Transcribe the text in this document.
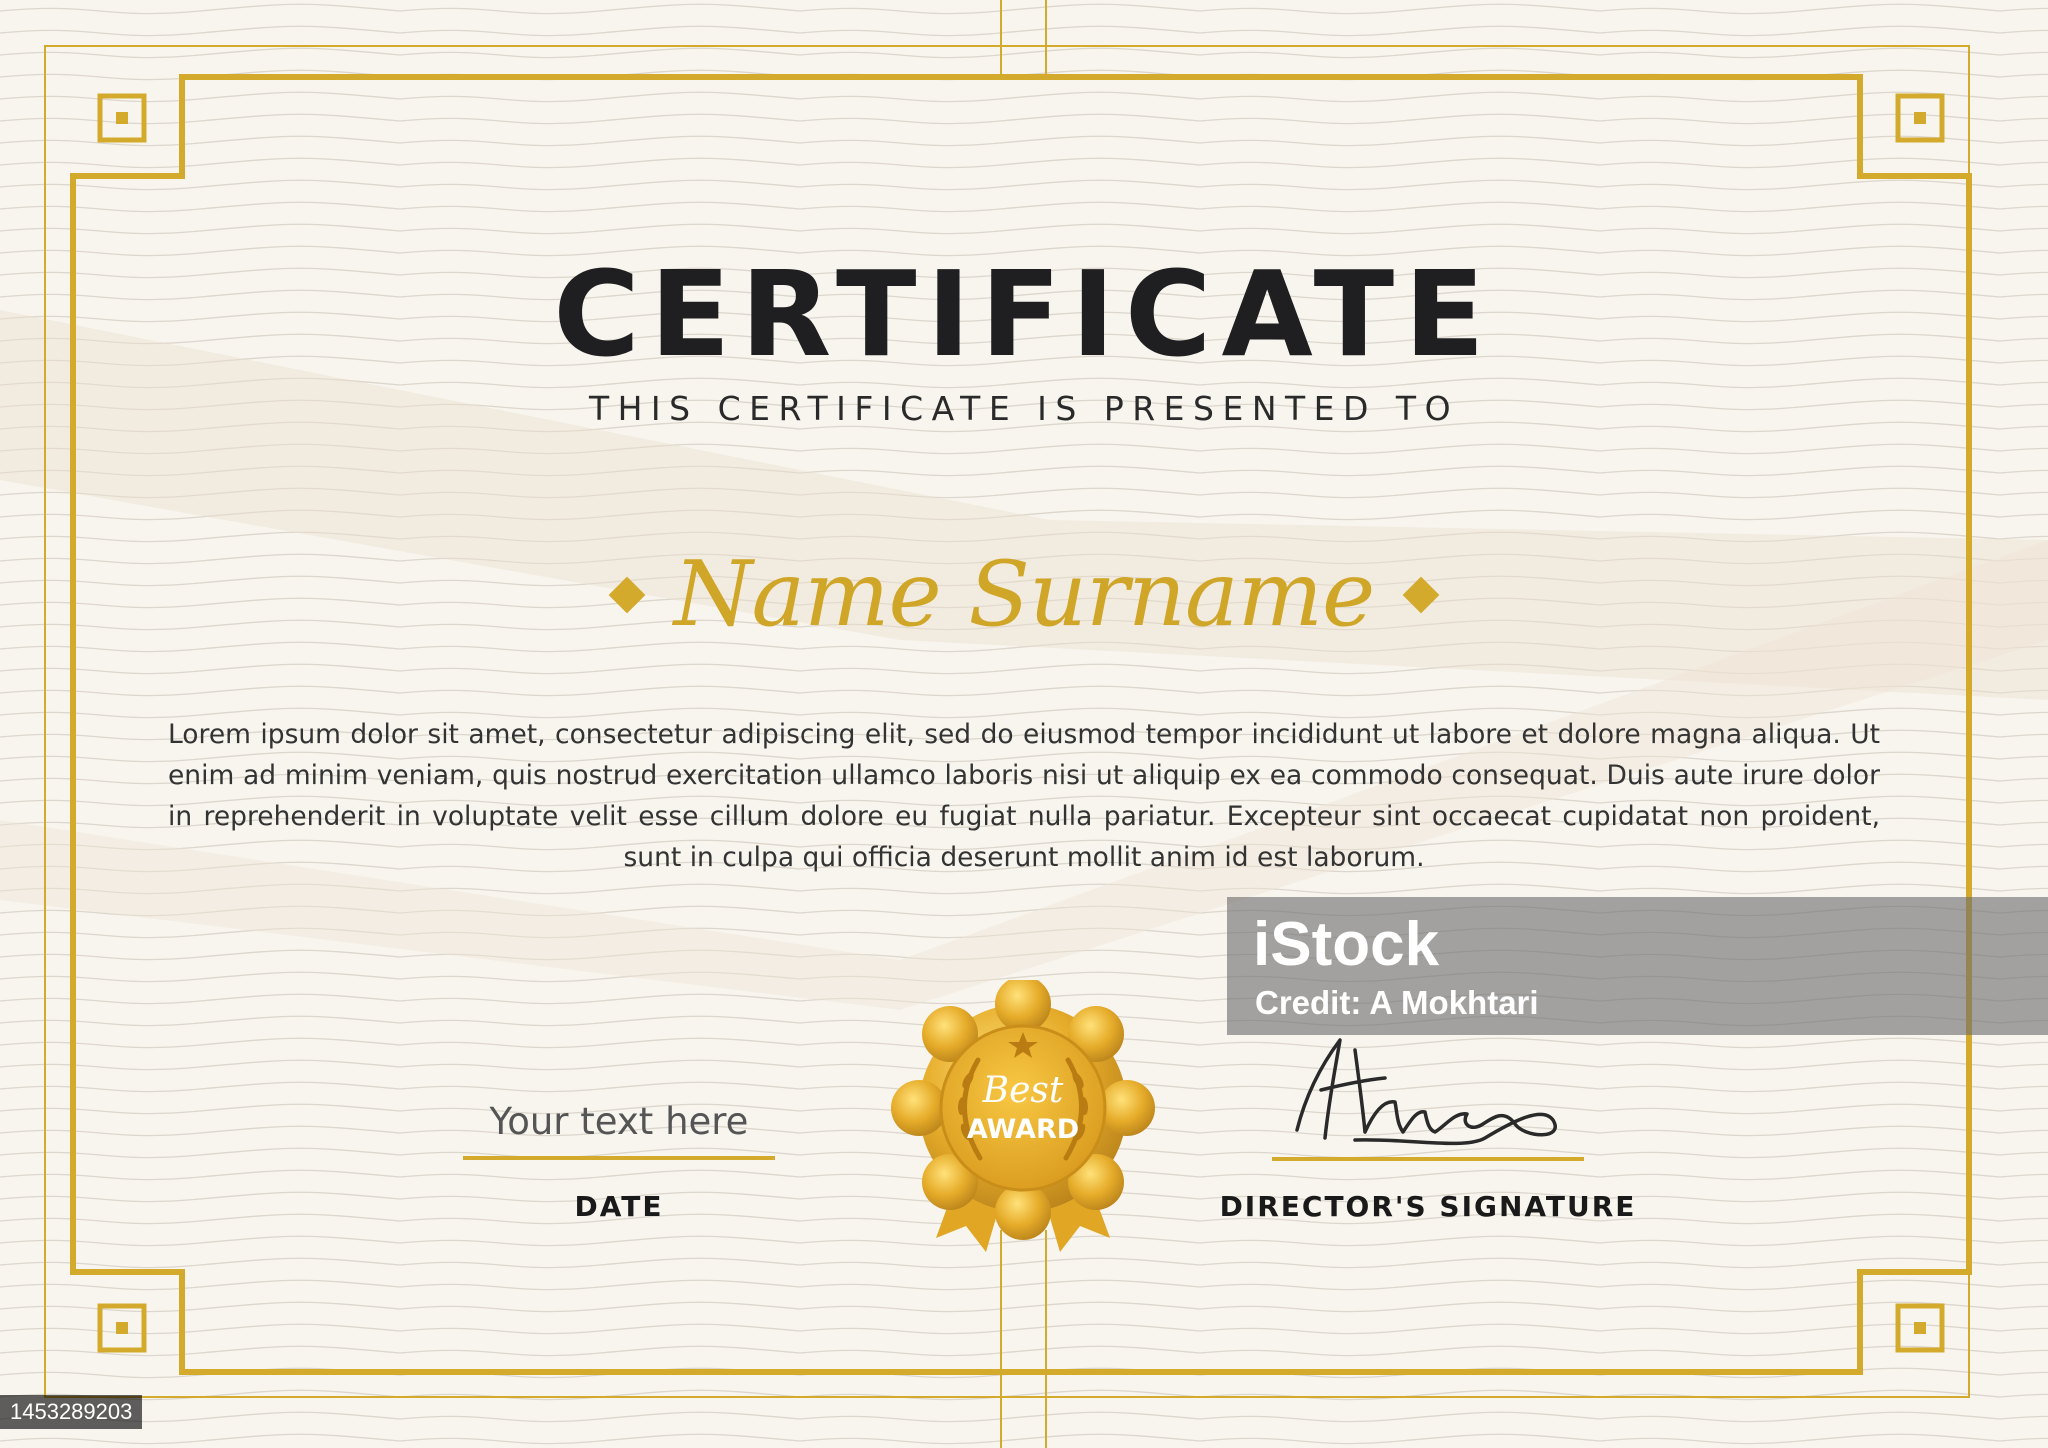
CERTIFICATE
THIS CERTIFICATE IS PRESENTED TO
Name Surname
Lorem ipsum dolor sit amet, consectetur adipiscing elit, sed do eiusmod tempor incididunt ut labore et dolore magna aliqua. Ut enim ad minim veniam, quis nostrud exercitation ullamco laboris nisi ut aliquip ex ea commodo consequat. Duis aute irure dolor in reprehenderit in voluptate velit esse cillum dolore eu fugiat nulla pariatur. Excepteur sint occaecat cupidatat non proident, sunt in culpa qui officia deserunt mollit anim id est laborum.
Your text here
DATE
Best
AWARD
DIRECTOR'S SIGNATURE
iStock
Credit: A Mokhtari
1453289203
